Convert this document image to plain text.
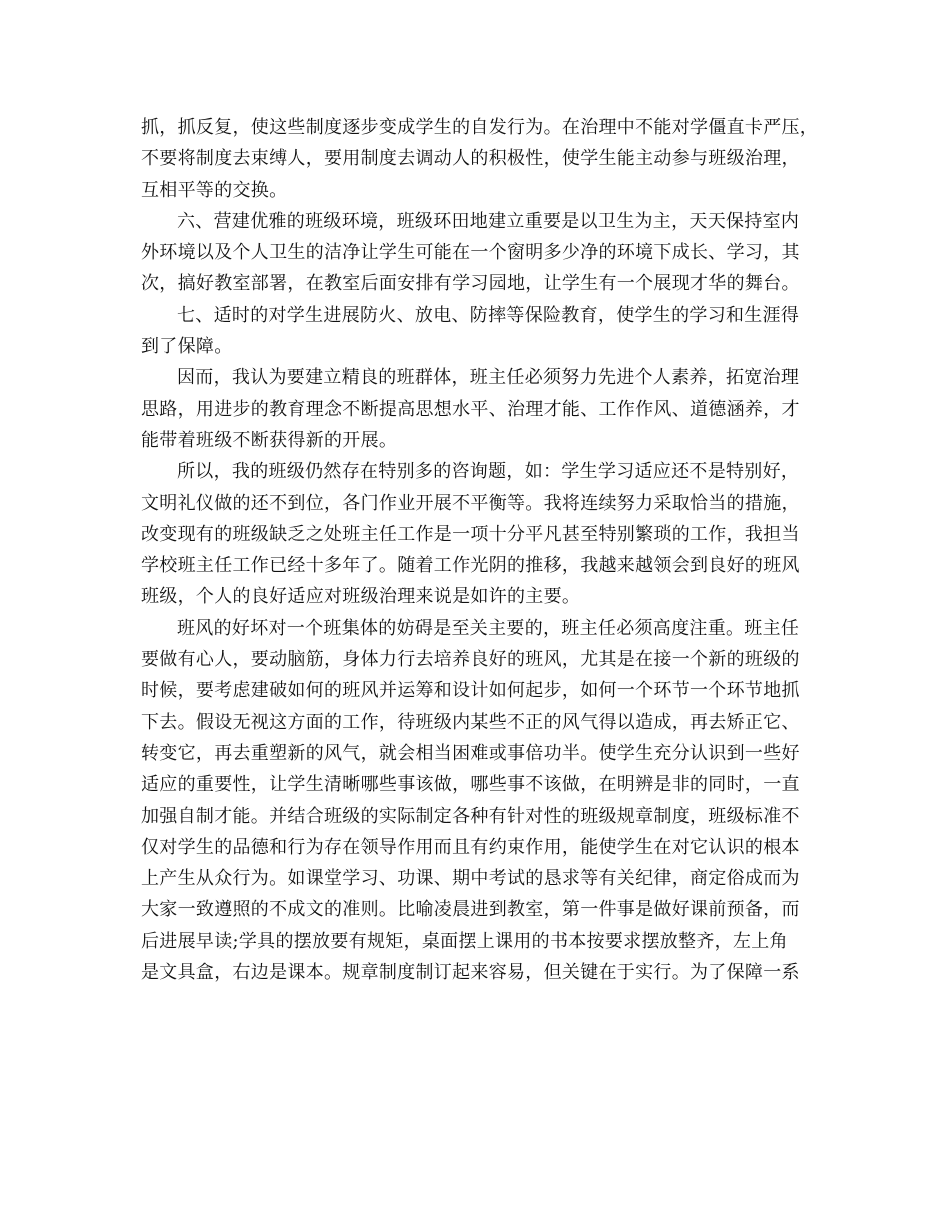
抓，抓反复，使这些制度逐步变成学生的自发行为。在治理中不能对学僵直卡严压，
不要将制度去束缚人，要用制度去调动人的积极性，使学生能主动参与班级治理，
互相平等的交换。
六、营建优雅的班级环境，班级环田地建立重要是以卫生为主，天天保持室内
外环境以及个人卫生的洁净让学生可能在一个窗明多少净的环境下成长、学习，其
次，搞好教室部署，在教室后面安排有学习园地，让学生有一个展现才华的舞台。
七、适时的对学生进展防火、放电、防摔等保险教育，使学生的学习和生涯得
到了保障。
因而，我认为要建立精良的班群体，班主任必须努力先进个人素养，拓宽治理
思路，用进步的教育理念不断提高思想水平、治理才能、工作作风、道德涵养，才
能带着班级不断获得新的开展。
所以，我的班级仍然存在特别多的咨询题，如：学生学习适应还不是特别好，
文明礼仪做的还不到位，各门作业开展不平衡等。我将连续努力采取恰当的措施，
改变现有的班级缺乏之处班主任工作是一项十分平凡甚至特别繁琐的工作，我担当
学校班主任工作已经十多年了。随着工作光阴的推移，我越来越领会到良好的班风
班级，个人的良好适应对班级治理来说是如许的主要。
班风的好坏对一个班集体的妨碍是至关主要的，班主任必须高度注重。班主任
要做有心人，要动脑筋，身体力行去培养良好的班风，尤其是在接一个新的班级的
时候，要考虑建破如何的班风并运筹和设计如何起步，如何一个环节一个环节地抓
下去。假设无视这方面的工作，待班级内某些不正的风气得以造成，再去矫正它、
转变它，再去重塑新的风气，就会相当困难或事倍功半。使学生充分认识到一些好
适应的重要性，让学生清晰哪些事该做，哪些事不该做，在明辨是非的同时，一直
加强自制才能。并结合班级的实际制定各种有针对性的班级规章制度，班级标准不
仅对学生的品德和行为存在领导作用而且有约束作用，能使学生在对它认识的根本
上产生从众行为。如课堂学习、功课、期中考试的恳求等有关纪律，商定俗成而为
大家一致遵照的不成文的准则。比喻凌晨进到教室，第一件事是做好课前预备，而
后进展早读;学具的摆放要有规矩，桌面摆上课用的书本按要求摆放整齐，左上角
是文具盒，右边是课本。规章制度制订起来容易，但关键在于实行。为了保障一系
